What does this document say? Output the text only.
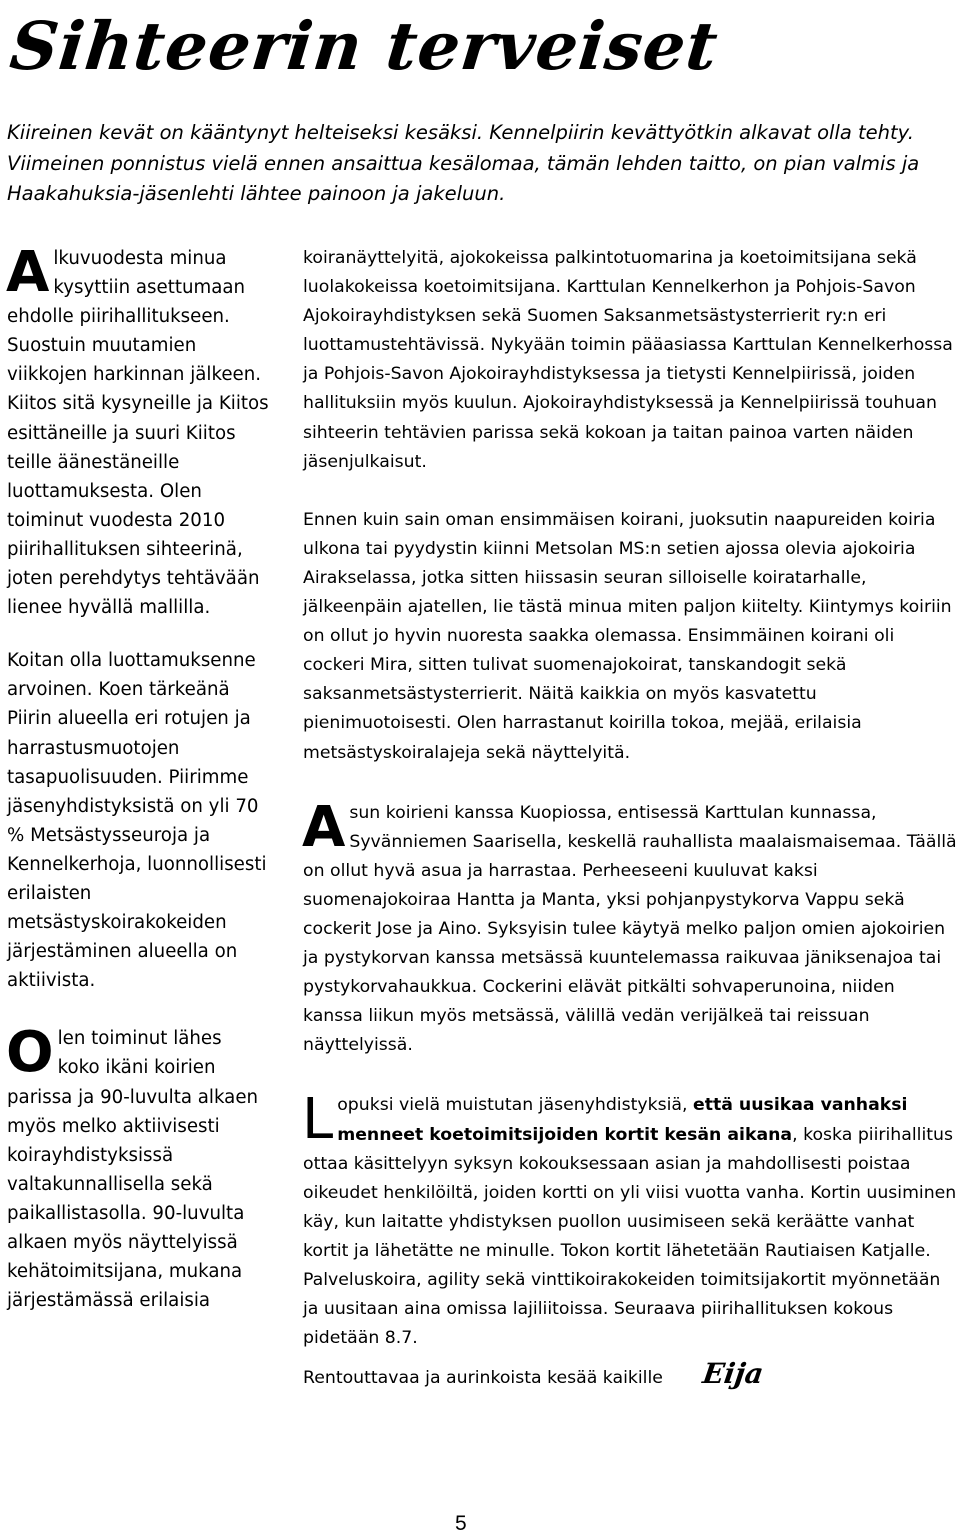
Sihteerin terveiset

Kiireinen kevät on kääntynyt helteiseksi kesäksi. Kennelpiirin kevättyötkin alkavat olla tehty. Viimeinen ponnistus vielä ennen ansaittua kesälomaa, tämän lehden taitto, on pian valmis ja Haakahuksia-jäsenlehti lähtee painoon ja jakeluun.

Alkuvuodesta minua kysyttiin asettumaan ehdolle piirihallitukseen. Suostuin muutamien viikkojen harkinnan jälkeen. Kiitos sitä kysyneille ja Kiitos esittäneille ja suuri Kiitos teille äänestäneille luottamuksesta. Olen toiminut vuodesta 2010 piirihallituksen sihteerinä, joten perehdytys tehtävään lienee hyvällä mallilla.

Koitan olla luottamuksenne arvoinen. Koen tärkeänä Piirin alueella eri rotujen ja harrastusmuotojen tasapuolisuuden. Piirimme jäsenyhdistyksistä on yli 70 % Metsästysseuroja ja Kennelkerhoja, luonnollisesti erilaisten metsästyskoirakokeiden järjestäminen alueella on aktiivista.

Olen toiminut lähes koko ikäni koirien parissa ja 90-luvulta alkaen myös melko aktiivisesti koirayhdistyksissä valtakunnallisella sekä paikallistasolla. 90-luvulta alkaen myös näyttelyissä kehätoimitsijana, mukana järjestämässä erilaisia

koiranäyttelyitä, ajokokeissa palkintotuomarina ja koetoimitsijana sekä luolakokeissa koetoimitsijana. Karttulan Kennelkerhon ja Pohjois-Savon Ajokoirayhdistyksen sekä Suomen Saksanmetsästysterrierit ry:n eri luottamustehtävissä. Nykyään toimin pääasiassa Karttulan Kennelkerhossa ja Pohjois-Savon Ajokoirayhdistyksessa ja tietysti Kennelpiirissä, joiden hallituksiin myös kuulun. Ajokoirayhdistyksessä ja Kennelpiirissä touhuan sihteerin tehtävien parissa sekä kokoan ja taitan painoa varten näiden jäsenjulkaisut.

Ennen kuin sain oman ensimmäisen koirani, juoksutin naapureiden koiria ulkona tai pyydystin kiinni Metsolan MS:n setien ajossa olevia ajokoiria Airakselassa, jotka sitten hiissasin seuran silloiselle koiratarhalle, jälkeenpäin ajatellen, lie tästä minua miten paljon kiitelty. Kiintymys koiriin on ollut jo hyvin nuoresta saakka olemassa. Ensimmäinen koirani oli cockeri Mira, sitten tulivat suomenajokoirat, tanskandogit sekä saksanmetsästysterrierit. Näitä kaikkia on myös kasvatettu pienimuotoisesti. Olen harrastanut koirilla tokoa, mejää, erilaisia metsästyskoiralajeja sekä näyttelyitä.

Asun koirieni kanssa Kuopiossa, entisessä Karttulan kunnassa, Syvänniemen Saarisella, keskellä rauhallista maalaismaisemaa. Täällä on ollut hyvä asua ja harrastaa. Perheeseeni kuuluvat kaksi suomenajokoiraa Hantta ja Manta, yksi pohjanpystykorva Vappu sekä cockerit Jose ja Aino. Syksyisin tulee käytyä melko paljon omien ajokoirien ja pystykorvan kanssa metsässä kuuntelemassa raikuvaa jäniksenajoa tai pystykorvahaukkua. Cockerini elävät pitkälti sohvaperunoina, niiden kanssa liikun myös metsässä, välillä vedän verijälkeä tai reissuan näyttelyissä.

Lopuksi vielä muistutan jäsenyhdistyksiä, että uusikaa vanhaksi menneet koetoimitsijoiden kortit kesän aikana, koska piirihallitus ottaa käsittelyyn syksyn kokouksessaan asian ja mahdollisesti poistaa oikeudet henkilöiltä, joiden kortti on yli viisi vuotta vanha. Kortin uusiminen käy, kun laitatte yhdistyksen puollon uusimiseen sekä keräätte vanhat kortit ja lähetätte ne minulle. Tokon kortit lähetetään Rautiaisen Katjalle. Palveluskoira, agility sekä vinttikoirakokeiden toimitsijakortit myönnetään ja uusitaan aina omissa lajiliitoissa. Seuraava piirihallituksen kokous pidetään 8.7.

Rentouttavaa ja aurinkoista kesää kaikille Eija
5
